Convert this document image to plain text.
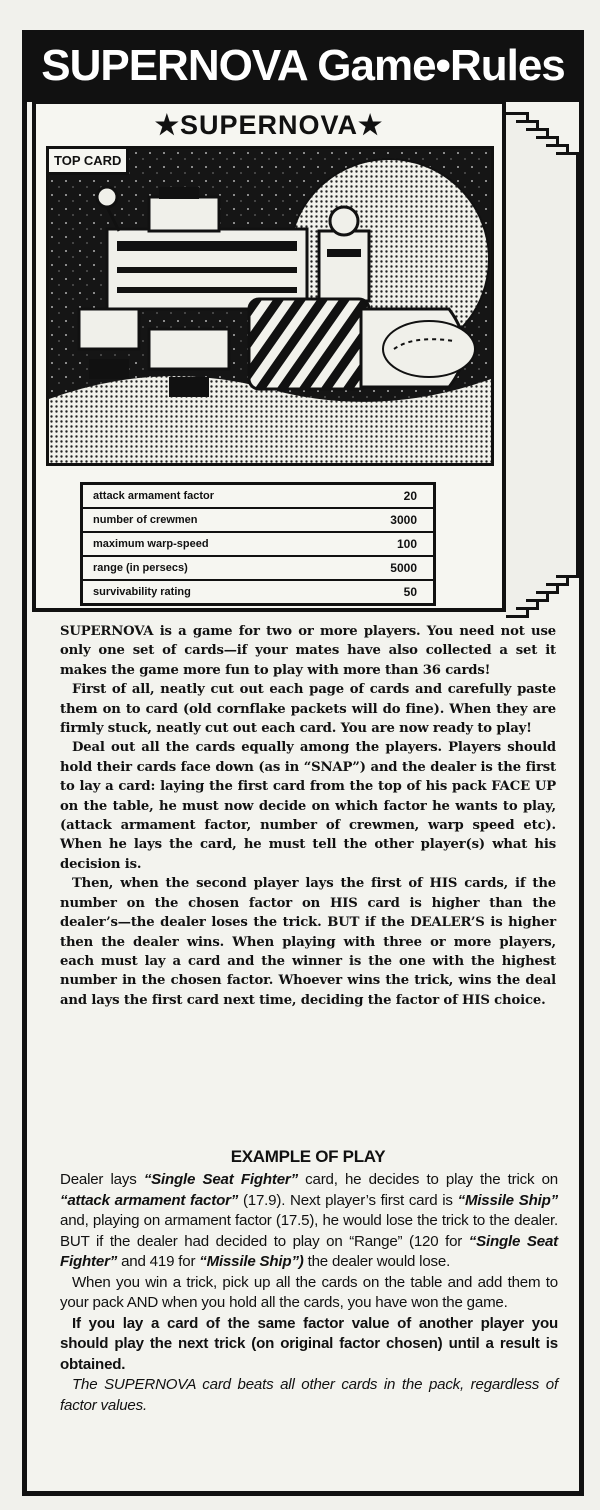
SUPERNOVA Game•Rules
★SUPERNOVA★
TOP CARD
attack armament factor	20
number of crewmen	3000
maximum warp-speed	100
range (in persecs)	5000
survivability rating	50

SUPERNOVA is a game for two or more players. You need not use only one set of cards—if your mates have also collected a set it makes the game more fun to play with more than 36 cards!

First of all, neatly cut out each page of cards and carefully paste them on to card (old cornflake packets will do fine). When they are firmly stuck, neatly cut out each card. You are now ready to play!

Deal out all the cards equally among the players. Players should hold their cards face down (as in “SNAP”) and the dealer is the first to lay a card: laying the first card from the top of his pack FACE UP on the table, he must now decide on which factor he wants to play, (attack armament factor, number of crewmen, warp speed etc). When he lays the card, he must tell the other player(s) what his decision is.

Then, when the second player lays the first of HIS cards, if the number on the chosen factor on HIS card is higher than the dealer’s—the dealer loses the trick. BUT if the DEALER’S is higher then the dealer wins. When playing with three or more players, each must lay a card and the winner is the one with the highest number in the chosen factor. Whoever wins the trick, wins the deal and lays the first card next time, deciding the factor of HIS choice.

EXAMPLE OF PLAY

Dealer lays “Single Seat Fighter” card, he decides to play the trick on “attack armament factor” (17.9). Next player’s first card is “Missile Ship” and, playing on armament factor (17.5), he would lose the trick to the dealer. BUT if the dealer had decided to play on “Range” (120 for “Single Seat Fighter” and 419 for “Missile Ship”) the dealer would lose.

When you win a trick, pick up all the cards on the table and add them to your pack AND when you hold all the cards, you have won the game.

If you lay a card of the same factor value of another player you should play the next trick (on original factor chosen) until a result is obtained.

The SUPERNOVA card beats all other cards in the pack, regardless of factor values.
